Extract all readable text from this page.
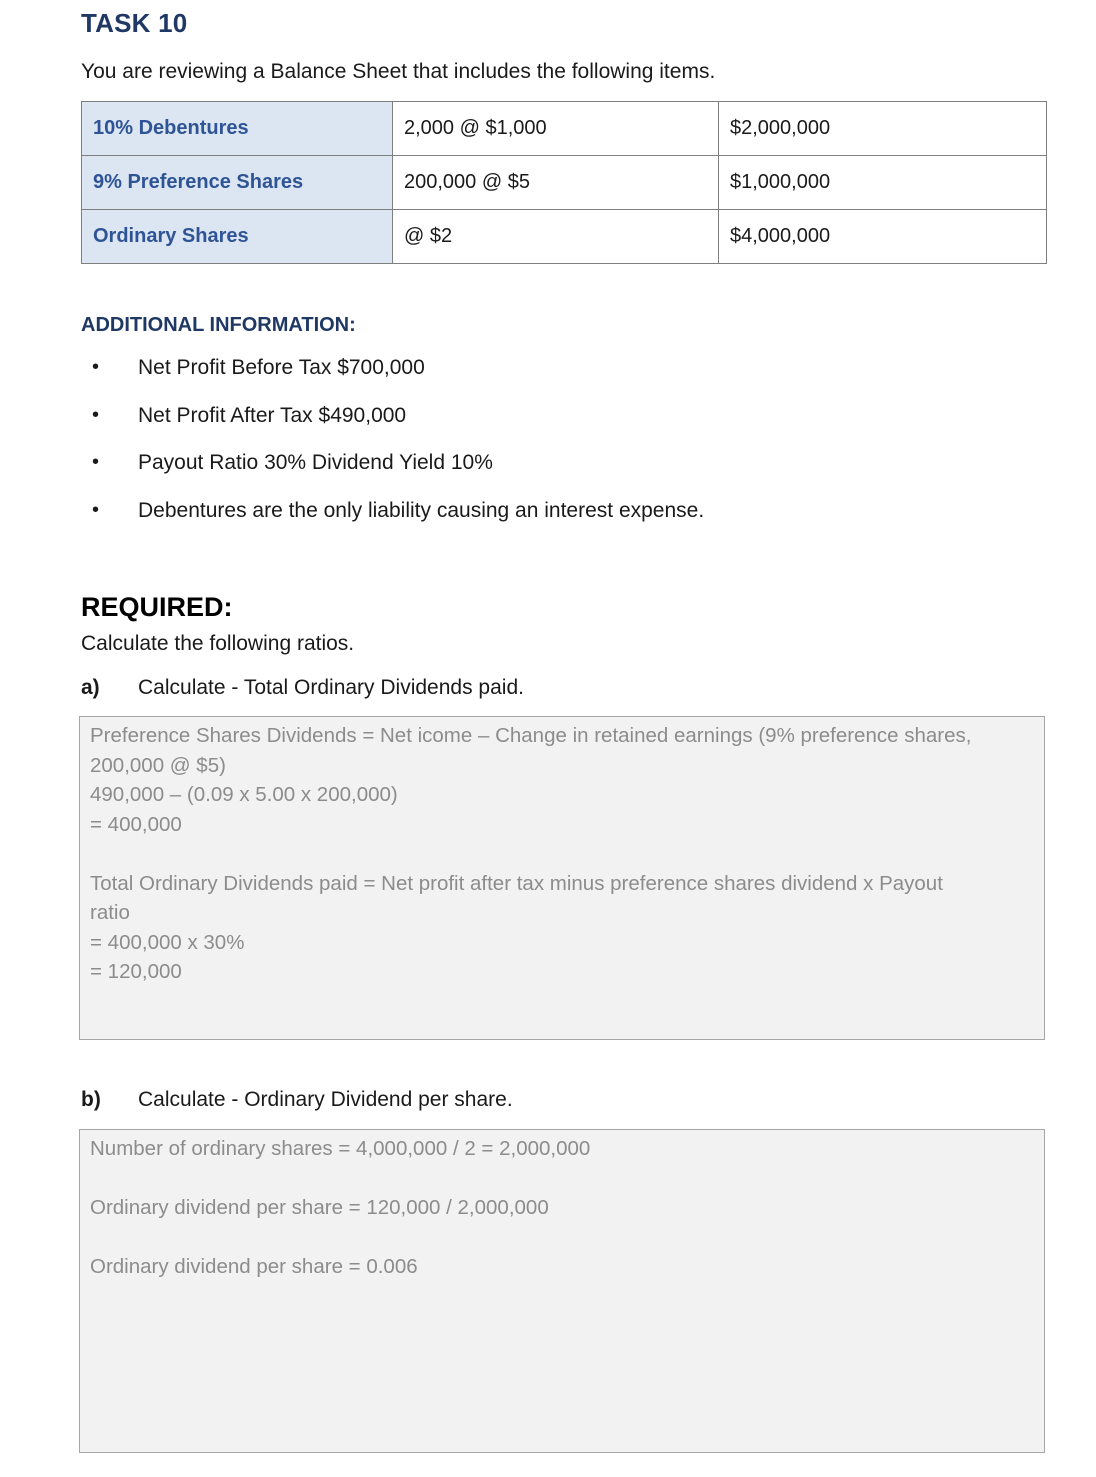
TASK 10
You are reviewing a Balance Sheet that includes the following items.
10% Debentures	2,000 @ $1,000	$2,000,000
9% Preference Shares	200,000 @ $5	$1,000,000
Ordinary Shares	@ $2	$4,000,000
ADDITIONAL INFORMATION:
• Net Profit Before Tax $700,000
• Net Profit After Tax $490,000
• Payout Ratio 30% Dividend Yield 10%
• Debentures are the only liability causing an interest expense.
REQUIRED:
Calculate the following ratios.
a) Calculate - Total Ordinary Dividends paid.
Preference Shares Dividends = Net icome – Change in retained earnings (9% preference shares,
200,000 @ $5)
490,000 – (0.09 x 5.00 x 200,000)
= 400,000
Total Ordinary Dividends paid = Net profit after tax minus preference shares dividend x Payout
ratio
= 400,000 x 30%
= 120,000
b) Calculate - Ordinary Dividend per share.
Number of ordinary shares = 4,000,000 / 2 = 2,000,000
Ordinary dividend per share = 120,000 / 2,000,000
Ordinary dividend per share = 0.006
